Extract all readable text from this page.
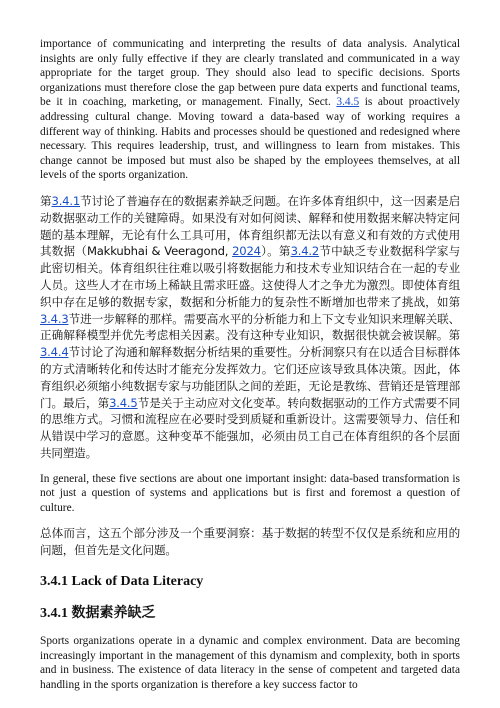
importance of communicating and interpreting the results of data analysis. Analytical insights are only fully effective if they are clearly translated and communicated in a way appropriate for the target group. They should also lead to specific decisions. Sports organizations must therefore close the gap between pure data experts and functional teams, be it in coaching, marketing, or management. Finally, Sect. 3.4.5 is about proactively addressing cultural change. Moving toward a data-based way of working requires a different way of thinking. Habits and processes should be questioned and redesigned where necessary. This requires leadership, trust, and willingness to learn from mistakes. This change cannot be imposed but must also be shaped by the employees themselves, at all levels of the sports organization.

第3.4.1节讨论了普遍存在的数据素养缺乏问题。在许多体育组织中，这一因素是启动数据驱动工作的关键障碍。如果没有对如何阅读、解释和使用数据来解决特定问题的基本理解，无论有什么工具可用，体育组织都无法以有意义和有效的方式使用其数据（Makkubhai & Veeragond, 2024）。第3.4.2节中缺乏专业数据科学家与此密切相关。体育组织往往难以吸引将数据能力和技术专业知识结合在一起的专业人员。这些人才在市场上稀缺且需求旺盛。这使得人才之争尤为激烈。即使体育组织中存在足够的数据专家，数据和分析能力的复杂性不断增加也带来了挑战，如第3.4.3节进一步解释的那样。需要高水平的分析能力和上下文专业知识来理解关联、正确解释模型并优先考虑相关因素。没有这种专业知识，数据很快就会被误解。第3.4.4节讨论了沟通和解释数据分析结果的重要性。分析洞察只有在以适合目标群体的方式清晰转化和传达时才能充分发挥效力。它们还应该导致具体决策。因此，体育组织必须缩小纯数据专家与功能团队之间的差距，无论是教练、营销还是管理部门。最后，第3.4.5节是关于主动应对文化变革。转向数据驱动的工作方式需要不同的思维方式。习惯和流程应在必要时受到质疑和重新设计。这需要领导力、信任和从错误中学习的意愿。这种变革不能强加，必须由员工自己在体育组织的各个层面共同塑造。

In general, these five sections are about one important insight: data-based transformation is not just a question of systems and applications but is first and foremost a question of culture.

总体而言，这五个部分涉及一个重要洞察：基于数据的转型不仅仅是系统和应用的问题，但首先是文化问题。

3.4.1 Lack of Data Literacy
3.4.1 数据素养缺乏

Sports organizations operate in a dynamic and complex environment. Data are becoming increasingly important in the management of this dynamism and complexity, both in sports and in business. The existence of data literacy in the sense of competent and targeted data handling in the sports organization is therefore a key success factor to
